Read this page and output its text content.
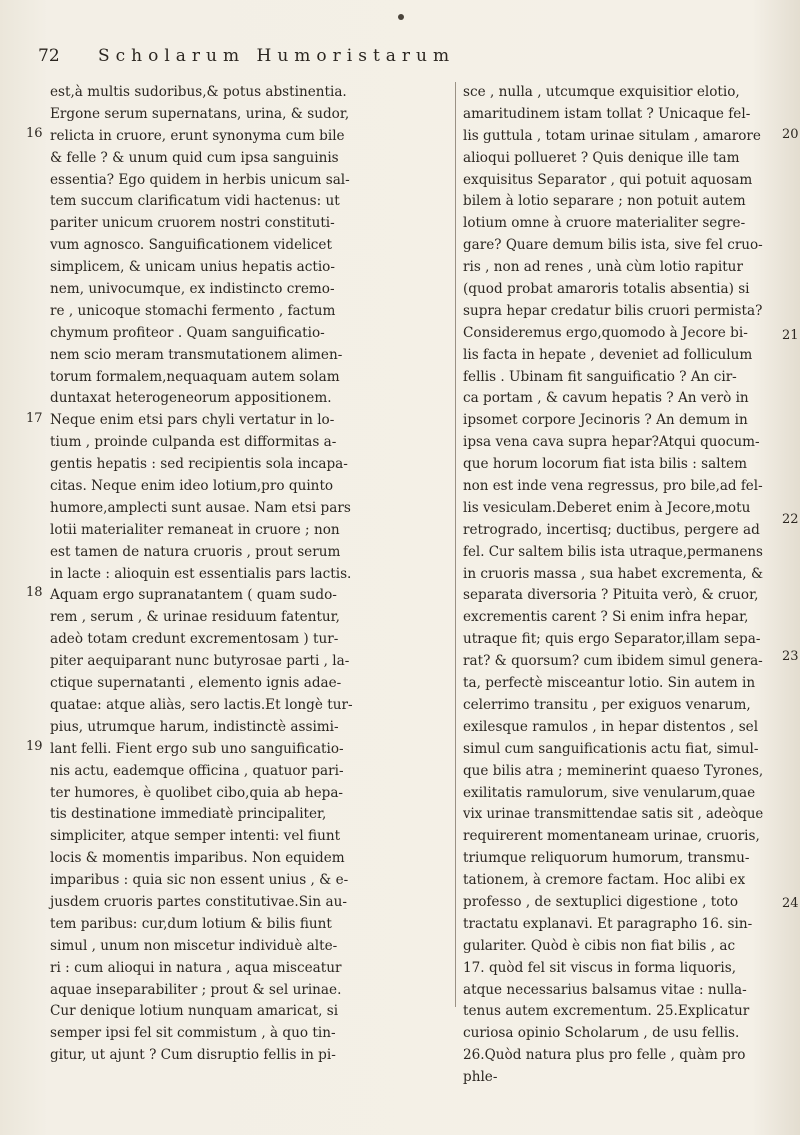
72 Scholarum Humoristarum
est,à multis sudoribus,& potus abstinentia.
Ergone serum supernatans, urina, & sudor,
relicta in cruore, erunt synonyma cum bile
& felle ? & unum quid cum ipsa sanguinis
essentia? Ego quidem in herbis unicum sal-
tem succum clarificatum vidi hactenus: ut
pariter unicum cruorem nostri constituti-
vum agnosco. Sanguificationem videlicet
simplicem, & unicam unius hepatis actio-
nem, univocumque, ex indistincto cremo-
re , unicoque stomachi fermento , factum
chymum profiteor . Quam sanguificatio-
nem scio meram transmutationem alimen-
torum formalem,nequaquam autem solam
duntaxat heterogeneorum appositionem.
Neque enim etsi pars chyli vertatur in lo-
tium , proinde culpanda est difformitas a-
gentis hepatis : sed recipientis sola incapa-
citas. Neque enim ideo lotium,pro quinto
humore,amplecti sunt ausae. Nam etsi pars
lotii materialiter remaneat in cruore ; non
est tamen de natura cruoris , prout serum
in lacte : alioquin est essentialis pars lactis.
Aquam ergo supranatantem ( quam sudo-
rem , serum , & urinae residuum fatentur,
adeò totam credunt excrementosam ) tur-
piter aequiparant nunc butyrosae parti , la-
ctique supernatanti , elemento ignis adae-
quatae: atque aliàs, sero lactis.Et longè tur-
pius, utrumque harum, indistinctè assimi-
lant felli. Fient ergo sub uno sanguificatio-
nis actu, eademque officina , quatuor pari-
ter humores, è quolibet cibo,quia ab hepa-
tis destinatione immediatè principaliter,
simpliciter, atque semper intenti: vel fiunt
locis & momentis imparibus. Non equidem
imparibus : quia sic non essent unius , & e-
jusdem cruoris partes constitutivae.Sin au-
tem paribus: cur,dum lotium & bilis fiunt
simul , unum non miscetur individuè alte-
ri : cum alioqui in natura , aqua misceatur
aquae inseparabiliter ; prout & sel urinae.
Cur denique lotium nunquam amaricat, si
semper ipsi fel sit commistum , à quo tin-
gitur, ut ajunt ? Cum disruptio fellis in pi-
sce , nulla , utcumque exquisitior elotio,
amaritudinem istam tollat ? Unicaque fel-
lis guttula , totam urinae situlam , amarore
alioqui pollueret ? Quis denique ille tam
exquisitus Separator , qui potuit aquosam
bilem à lotio separare ; non potuit autem
lotium omne à cruore materialiter segre-
gare? Quare demum bilis ista, sive fel cruo-
ris , non ad renes , unà cùm lotio rapitur
(quod probat amaroris totalis absentia) si
supra hepar credatur bilis cruori permista?
Consideremus ergo,quomodo à Jecore bi-
lis facta in hepate , deveniet ad folliculum
fellis . Ubinam fit sanguificatio ? An cir-
ca portam , & cavum hepatis ? An verò in
ipsomet corpore Jecinoris ? An demum in
ipsa vena cava supra hepar?Atqui quocum-
que horum locorum fiat ista bilis : saltem
non est inde vena regressus, pro bile,ad fel-
lis vesiculam.Deberet enim à Jecore,motu
retrogrado, incertisq; ductibus, pergere ad
fel. Cur saltem bilis ista utraque,permanens
in cruoris massa , sua habet excrementa, &
separata diversoria ? Pituita verò, & cruor,
excrementis carent ? Si enim infra hepar,
utraque fit; quis ergo Separator,illam sepa-
rat? & quorsum? cum ibidem simul genera-
ta, perfectè misceantur lotio. Sin autem in
celerrimo transitu , per exiguos venarum,
exilesque ramulos , in hepar distentos , sel
simul cum sanguificationis actu fiat, simul-
que bilis atra ; meminerint quaeso Tyrones,
exilitatis ramulorum, sive venularum,quae
vix urinae transmittendae satis sit , adeòque
requirerent momentaneam urinae, cruoris,
triumque reliquorum humorum, transmu-
tationem, à cremore factam. Hoc alibi ex
professo , de sextuplici digestione , toto
tractatu explanavi. Et paragrapho 16. sin-
gulariter. Quòd è cibis non fiat bilis , ac
17. quòd fel sit viscus in forma liquoris,
atque necessarius balsamus vitae : nulla-
tenus autem excrementum. 25.Explicatur
curiosa opinio Scholarum , de usu fellis.
26.Quòd natura plus pro felle , quàm pro
phle-
16
17
18
19
20
21
22
23
24
